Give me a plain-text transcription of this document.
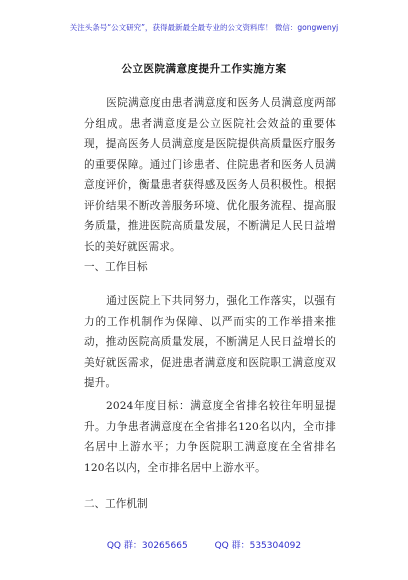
关注头条号“公文研究”，获得最新最全最专业的公文资料库！ 微信：gongwenyj
公立医院满意度提升工作实施方案
医院满意度由患者满意度和医务人员满意度两部分组成。患者满意度是公立医院社会效益的重要体现，提高医务人员满意度是医院提供高质量医疗服务的重要保障。通过门诊患者、住院患者和医务人员满意度评价，衡量患者获得感及医务人员积极性。根据评价结果不断改善服务环境、优化服务流程、提高服务质量，推进医院高质量发展，不断满足人民日益增长的美好就医需求。
一、工作目标
通过医院上下共同努力，强化工作落实，以强有力的工作机制作为保障、以严而实的工作举措来推动，推动医院高质量发展，不断满足人民日益增长的美好就医需求，促进患者满意度和医院职工满意度双提升。
2024年度目标：满意度全省排名较往年明显提升。力争患者满意度在全省排名120名以内，全市排名居中上游水平；力争医院职工满意度在全省排名120名以内，全市排名居中上游水平。
二、工作机制
QQ 群：30265665	QQ 群：535304092
